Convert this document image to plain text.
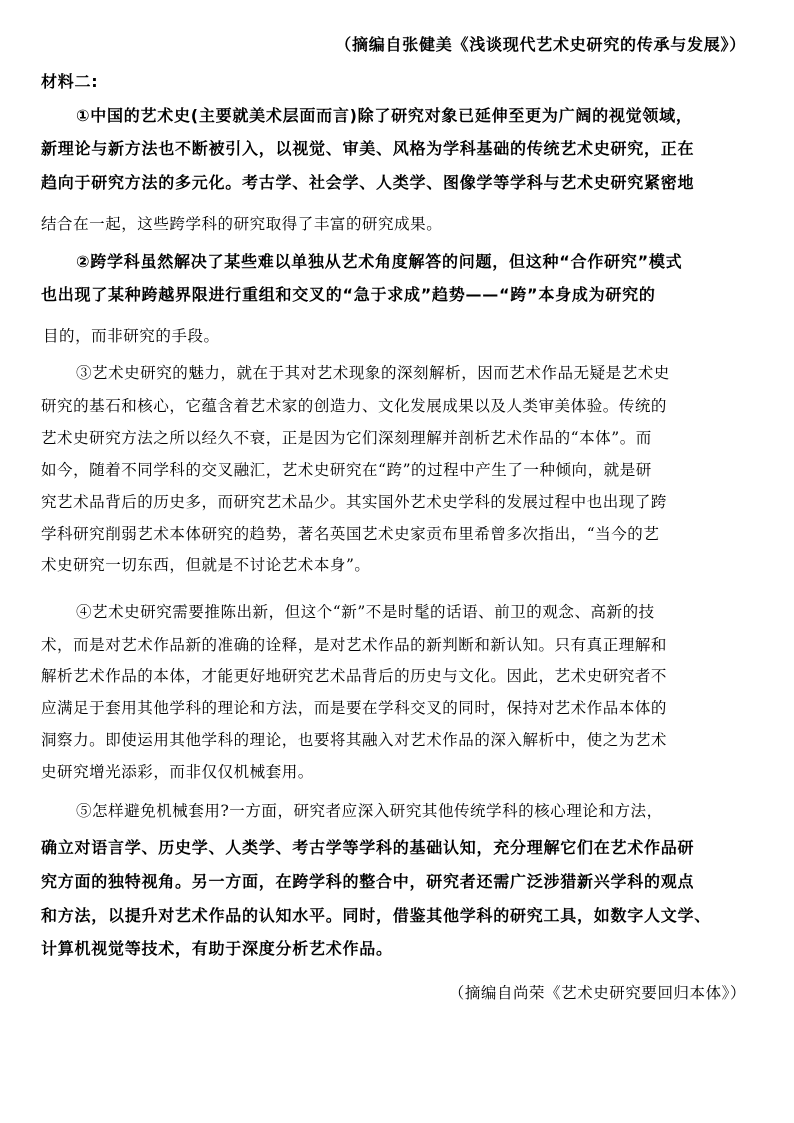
（摘编自张健美《浅谈现代艺术史研究的传承与发展》）
材料二:
①中国的艺术史(主要就美术层面而言)除了研究对象已延伸至更为广阔的视觉领域，
新理论与新方法也不断被引入，以视觉、审美、风格为学科基础的传统艺术史研究，正在
趋向于研究方法的多元化。考古学、社会学、人类学、图像学等学科与艺术史研究紧密地
结合在一起，这些跨学科的研究取得了丰富的研究成果。
②跨学科虽然解决了某些难以单独从艺术角度解答的问题，但这种“合作研究”模式
也出现了某种跨越界限进行重组和交叉的“急于求成”趋势——“跨”本身成为研究的
目的，而非研究的手段。
③艺术史研究的魅力，就在于其对艺术现象的深刻解析，因而艺术作品无疑是艺术史
研究的基石和核心，它蕴含着艺术家的创造力、文化发展成果以及人类审美体验。传统的
艺术史研究方法之所以经久不衰，正是因为它们深刻理解并剖析艺术作品的“本体”。而
如今，随着不同学科的交叉融汇，艺术史研究在“跨”的过程中产生了一种倾向，就是研
究艺术品背后的历史多，而研究艺术品少。其实国外艺术史学科的发展过程中也出现了跨
学科研究削弱艺术本体研究的趋势，著名英国艺术史家贡布里希曾多次指出，“当今的艺
术史研究一切东西，但就是不讨论艺术本身”。
④艺术史研究需要推陈出新，但这个“新”不是时髦的话语、前卫的观念、高新的技
术，而是对艺术作品新的准确的诠释，是对艺术作品的新判断和新认知。只有真正理解和
解析艺术作品的本体，才能更好地研究艺术品背后的历史与文化。因此，艺术史研究者不
应满足于套用其他学科的理论和方法，而是要在学科交叉的同时，保持对艺术作品本体的
洞察力。即使运用其他学科的理论，也要将其融入对艺术作品的深入解析中，使之为艺术
史研究增光添彩，而非仅仅机械套用。
⑤怎样避免机械套用?一方面，研究者应深入研究其他传统学科的核心理论和方法，
确立对语言学、历史学、人类学、考古学等学科的基础认知，充分理解它们在艺术作品研
究方面的独特视角。另一方面，在跨学科的整合中，研究者还需广泛涉猎新兴学科的观点
和方法，以提升对艺术作品的认知水平。同时，借鉴其他学科的研究工具，如数字人文学、
计算机视觉等技术，有助于深度分析艺术作品。
（摘编自尚荣《艺术史研究要回归本体》）
